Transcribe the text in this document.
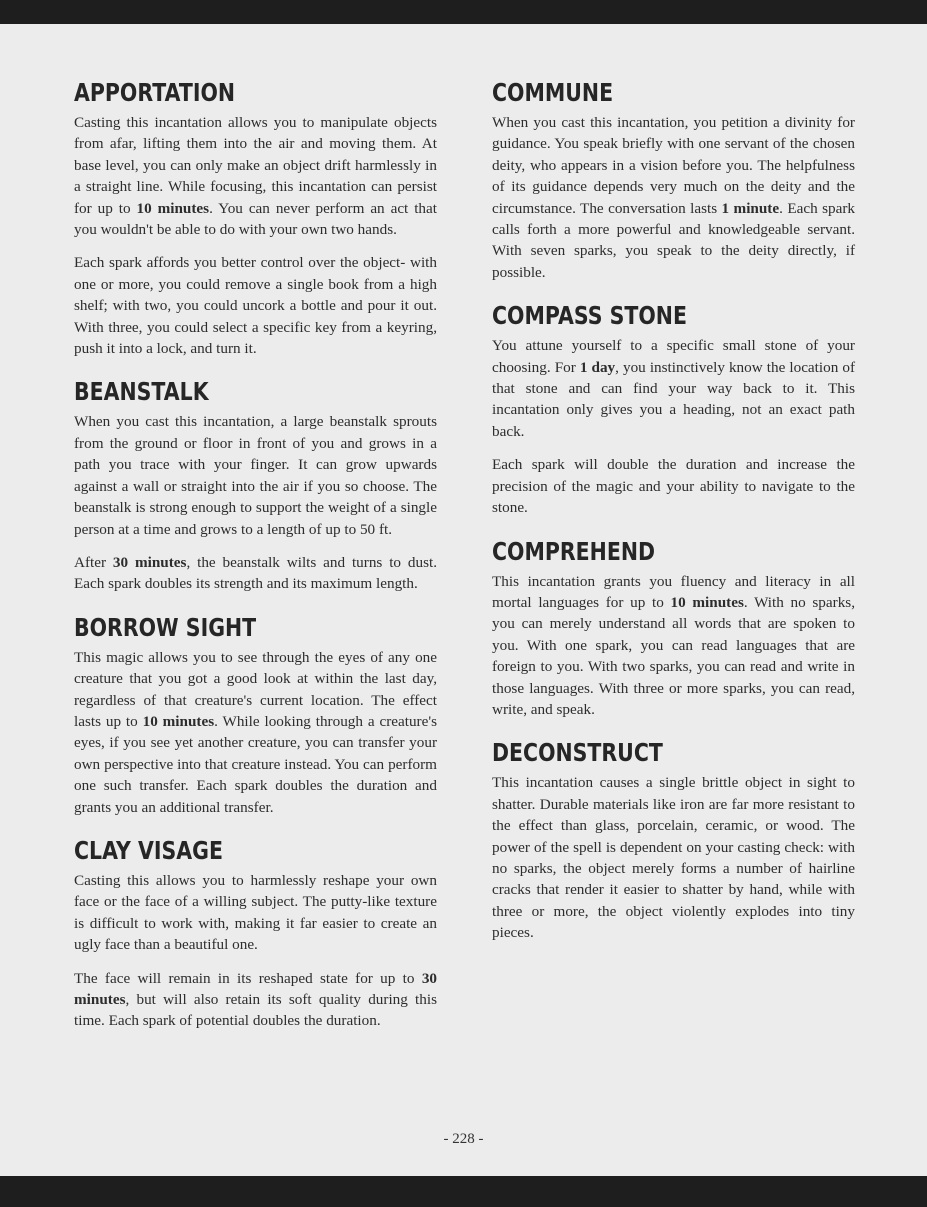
APPORTATION

Casting this incantation allows you to manipulate objects from afar, lifting them into the air and moving them. At base level, you can only make an object drift harmlessly in a straight line. While focusing, this incantation can persist for up to 10 minutes. You can never perform an act that you wouldn't be able to do with your own two hands.

Each spark affords you better control over the object- with one or more, you could remove a single book from a high shelf; with two, you could uncork a bottle and pour it out. With three, you could select a specific key from a keyring, push it into a lock, and turn it.

BEANSTALK

When you cast this incantation, a large beanstalk sprouts from the ground or floor in front of you and grows in a path you trace with your finger. It can grow upwards against a wall or straight into the air if you so choose. The beanstalk is strong enough to support the weight of a single person at a time and grows to a length of up to 50 ft.

After 30 minutes, the beanstalk wilts and turns to dust. Each spark doubles its strength and its maximum length.

BORROW SIGHT

This magic allows you to see through the eyes of any one creature that you got a good look at within the last day, regardless of that creature's current location. The effect lasts up to 10 minutes. While looking through a creature's eyes, if you see yet another creature, you can transfer your own perspective into that creature instead. You can perform one such transfer. Each spark doubles the duration and grants you an additional transfer.

CLAY VISAGE

Casting this allows you to harmlessly reshape your own face or the face of a willing subject. The putty-like texture is difficult to work with, making it far easier to create an ugly face than a beautiful one.

The face will remain in its reshaped state for up to 30 minutes, but will also retain its soft quality during this time. Each spark of potential doubles the duration.

COMMUNE

When you cast this incantation, you petition a divinity for guidance. You speak briefly with one servant of the chosen deity, who appears in a vision before you. The helpfulness of its guidance depends very much on the deity and the circumstance. The conversation lasts 1 minute. Each spark calls forth a more powerful and knowledgeable servant. With seven sparks, you speak to the deity directly, if possible.

COMPASS STONE

You attune yourself to a specific small stone of your choosing. For 1 day, you instinctively know the location of that stone and can find your way back to it. This incantation only gives you a heading, not an exact path back.

Each spark will double the duration and increase the precision of the magic and your ability to navigate to the stone.

COMPREHEND

This incantation grants you fluency and literacy in all mortal languages for up to 10 minutes. With no sparks, you can merely understand all words that are spoken to you. With one spark, you can read languages that are foreign to you. With two sparks, you can read and write in those languages. With three or more sparks, you can read, write, and speak.

DECONSTRUCT

This incantation causes a single brittle object in sight to shatter. Durable materials like iron are far more resistant to the effect than glass, porcelain, ceramic, or wood. The power of the spell is dependent on your casting check: with no sparks, the object merely forms a number of hairline cracks that render it easier to shatter by hand, while with three or more, the object violently explodes into tiny pieces.

- 228 -
